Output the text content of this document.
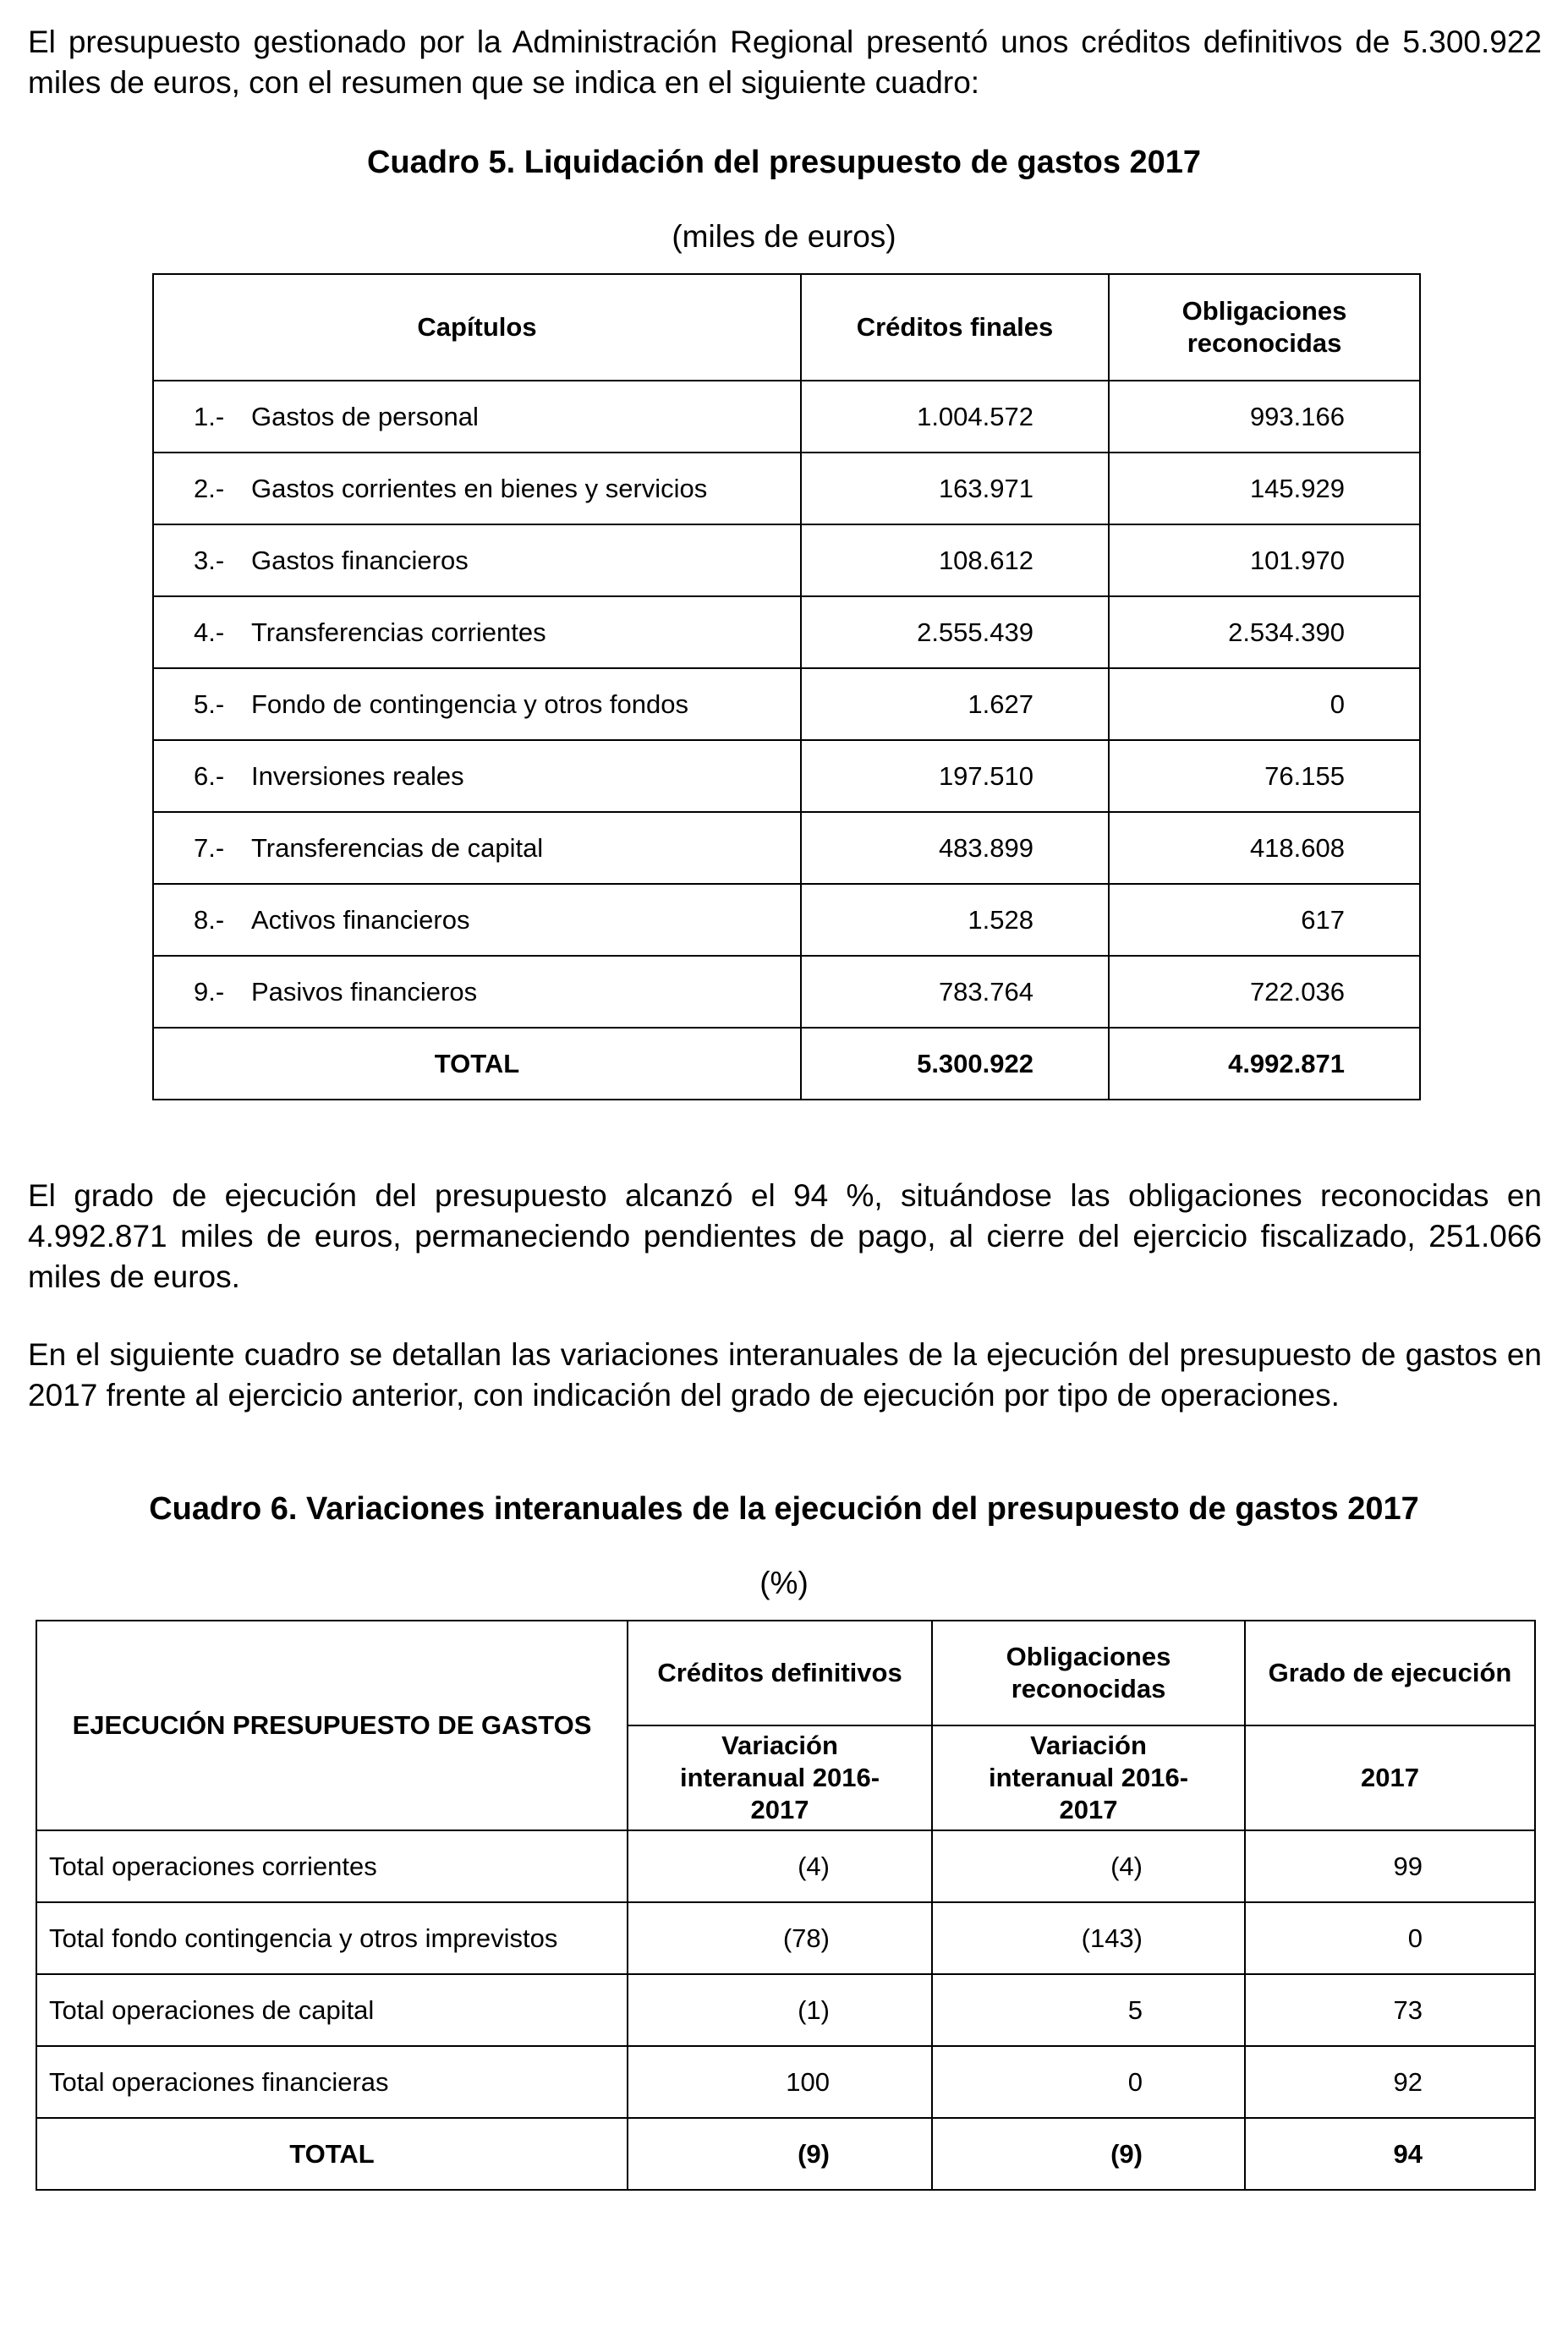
El presupuesto gestionado por la Administración Regional presentó unos créditos definitivos de 5.300.922 miles de euros, con el resumen que se indica en el siguiente cuadro:

Cuadro 5. Liquidación del presupuesto de gastos 2017

(miles de euros)

Capítulos	Créditos finales	Obligaciones reconocidas

1.- Gastos de personal	1.004.572	993.166
2.- Gastos corrientes en bienes y servicios	163.971	145.929
3.- Gastos financieros	108.612	101.970
4.- Transferencias corrientes	2.555.439	2.534.390
5.- Fondo de contingencia y otros fondos	1.627	0
6.- Inversiones reales	197.510	76.155
7.- Transferencias de capital	483.899	418.608
8.- Activos financieros	1.528	617
9.- Pasivos financieros	783.764	722.036
TOTAL	5.300.922	4.992.871

El grado de ejecución del presupuesto alcanzó el 94 %, situándose las obligaciones reconocidas en 4.992.871 miles de euros, permaneciendo pendientes de pago, al cierre del ejercicio fiscalizado, 251.066 miles de euros.

En el siguiente cuadro se detallan las variaciones interanuales de la ejecución del presupuesto de gastos en 2017 frente al ejercicio anterior, con indicación del grado de ejecución por tipo de operaciones.

Cuadro 6. Variaciones interanuales de la ejecución del presupuesto de gastos 2017

(%)

EJECUCIÓN PRESUPUESTO DE GASTOS	Créditos definitivos	Obligaciones reconocidas	Grado de ejecución

	Variación interanual 2016-2017	Variación interanual 2016-2017	2017
Total operaciones corrientes	(4)	(4)	99
Total fondo contingencia y otros imprevistos	(78)	(143)	0
Total operaciones de capital	(1)	5	73
Total operaciones financieras	100	0	92
TOTAL	(9)	(9)	94
